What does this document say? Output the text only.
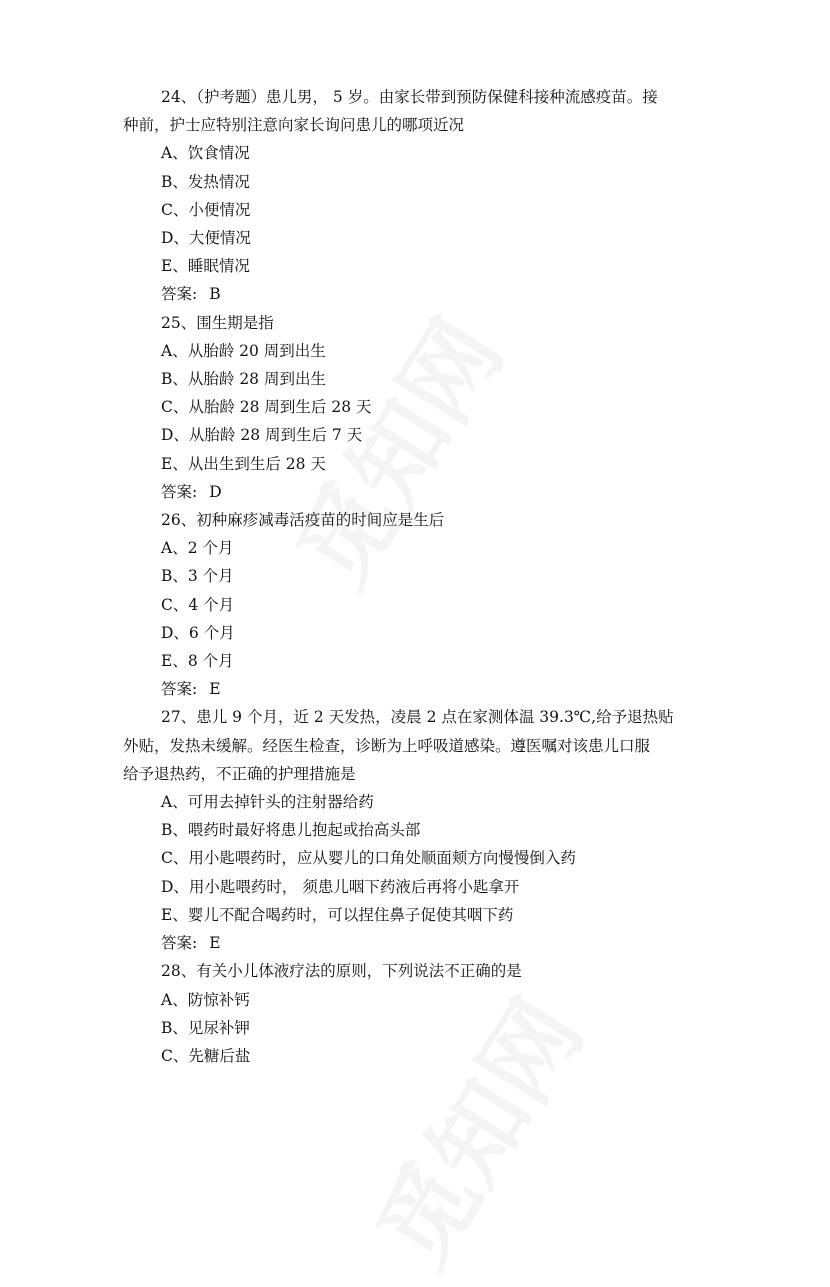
24、（护考题）患儿男， 5 岁。由家长带到预防保健科接种流感疫苗。接
种前，护士应特别注意向家长询问患儿的哪项近况
A、饮食情况
B、发热情况
C、小便情况
D、大便情况
E、睡眠情况
答案: B
25、围生期是指
A、从胎龄 20 周到出生
B、从胎龄 28 周到出生
C、从胎龄 28 周到生后 28 天
D、从胎龄 28 周到生后 7 天
E、从出生到生后 28 天
答案: D
26、初种麻疹减毒活疫苗的时间应是生后
A、2 个月
B、3 个月
C、4 个月
D、6 个月
E、8 个月
答案: E
27、患儿 9 个月，近 2 天发热，凌晨 2 点在家测体温 39.3℃,给予退热贴
外贴，发热未缓解。经医生检查，诊断为上呼吸道感染。遵医嘱对该患儿口服
给予退热药，不正确的护理措施是
A、可用去掉针头的注射器给药
B、喂药时最好将患儿抱起或抬高头部
C、用小匙喂药时，应从婴儿的口角处顺面颊方向慢慢倒入药
D、用小匙喂药时， 须患儿咽下药液后再将小匙拿开
E、婴儿不配合喝药时，可以捏住鼻子促使其咽下药
答案: E
28、有关小儿体液疗法的原则，下列说法不正确的是
A、防惊补钙
B、见尿补钾
C、先糖后盐
